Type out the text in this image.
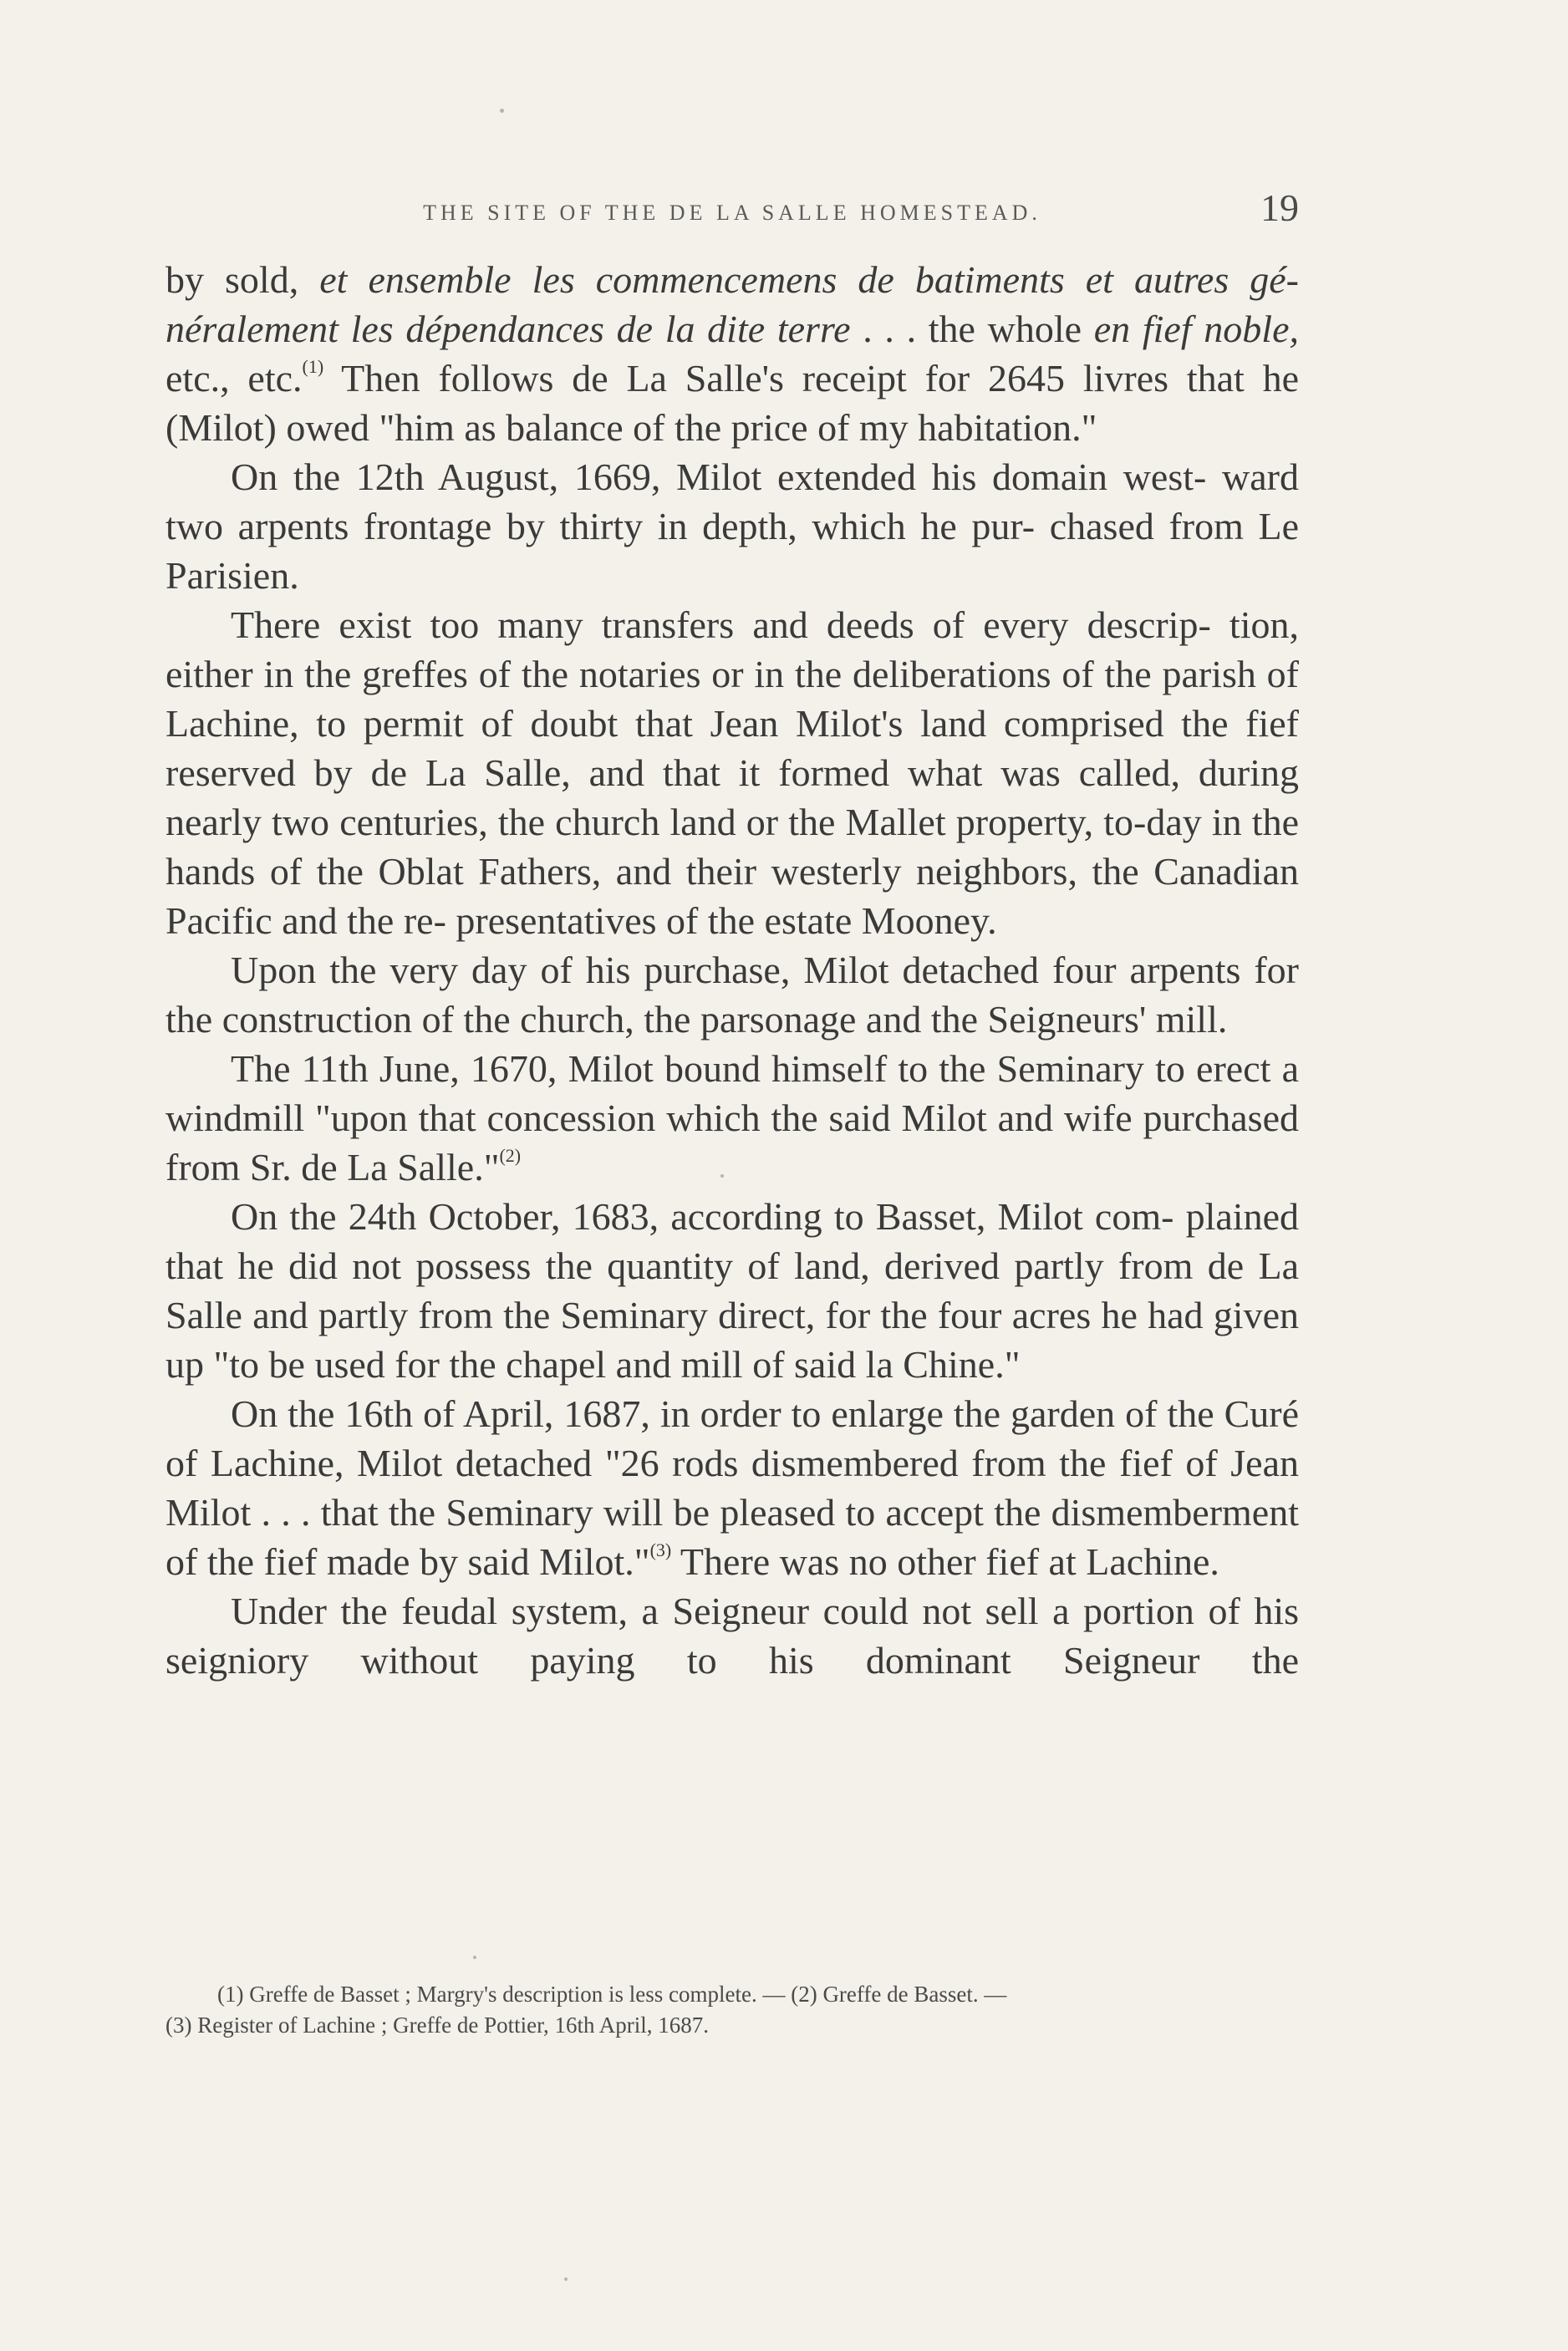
THE SITE OF THE DE LA SALLE HOMESTEAD.	19

by sold, et ensemble les commencemens de batiments et autres gé- néralement les dépendances de la dite terre . . . the whole en fief noble, etc., etc.$^{(1)}$ Then follows de La Salle's receipt for 2645 livres that he (Milot) owed "him as balance of the price of my habitation."

On the 12th August, 1669, Milot extended his domain west- ward two arpents frontage by thirty in depth, which he pur- chased from Le Parisien.

There exist too many transfers and deeds of every descrip- tion, either in the greffes of the notaries or in the deliberations of the parish of Lachine, to permit of doubt that Jean Milot's land comprised the fief reserved by de La Salle, and that it formed what was called, during nearly two centuries, the church land or the Mallet property, to-day in the hands of the Oblat Fathers, and their westerly neighbors, the Canadian Pacific and the re- presentatives of the estate Mooney.

Upon the very day of his purchase, Milot detached four arpents for the construction of the church, the parsonage and the Seigneurs' mill.

The 11th June, 1670, Milot bound himself to the Seminary to erect a windmill "upon that concession which the said Milot and wife purchased from Sr. de La Salle."$^{(2)}$

On the 24th October, 1683, according to Basset, Milot com- plained that he did not possess the quantity of land, derived partly from de La Salle and partly from the Seminary direct, for the four acres he had given up "to be used for the chapel and mill of said la Chine."

On the 16th of April, 1687, in order to enlarge the garden of the Curé of Lachine, Milot detached "26 rods dismembered from the fief of Jean Milot . . . that the Seminary will be pleased to accept the dismemberment of the fief made by said Milot."$^{(3)}$ There was no other fief at Lachine.

Under the feudal system, a Seigneur could not sell a portion of his seigniory without paying to his dominant Seigneur the

(1) Greffe de Basset ; Margry's description is less complete. — (2) Greffe de Basset. —

(3) Register of Lachine ; Greffe de Pottier, 16th April, 1687.
